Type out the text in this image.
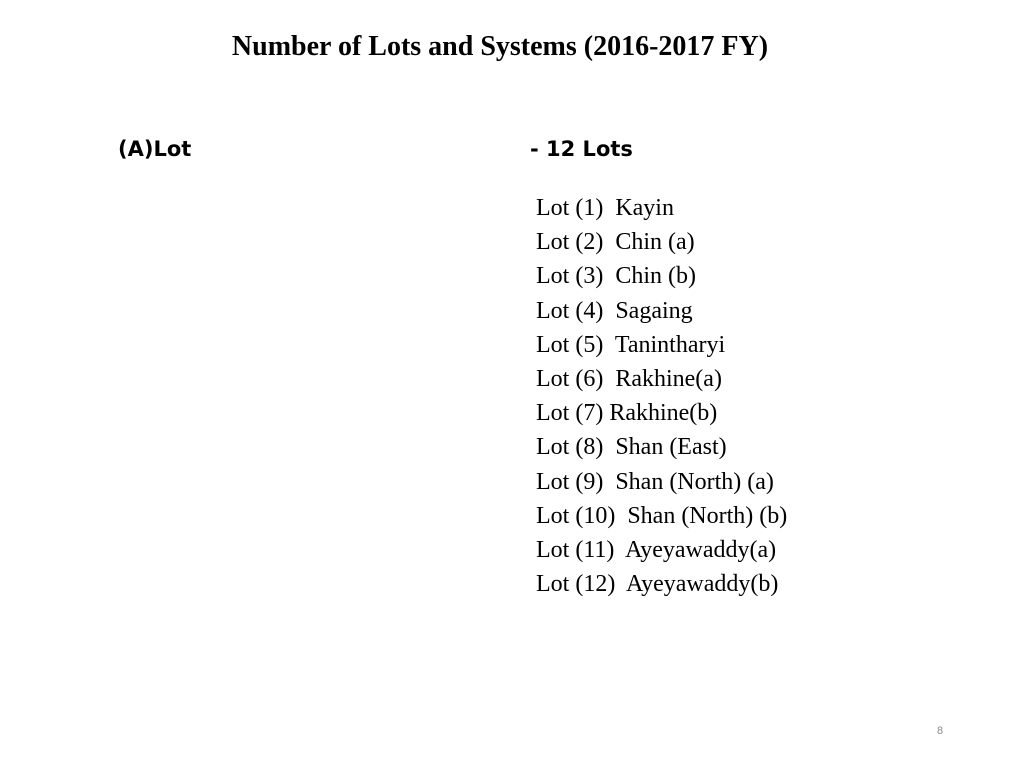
Number of Lots and Systems (2016-2017 FY)
(A)Lot	- 12 Lots
Lot (1)  Kayin
Lot (2)  Chin (a)
Lot (3)  Chin (b)
Lot (4)  Sagaing
Lot (5)  Tanintharyi
Lot (6)  Rakhine(a)
Lot (7) Rakhine(b)
Lot (8)  Shan (East)
Lot (9)  Shan (North) (a)
Lot (10)  Shan (North) (b)
Lot (11)  Ayeyawaddy(a)
Lot (12)  Ayeyawaddy(b)
8
